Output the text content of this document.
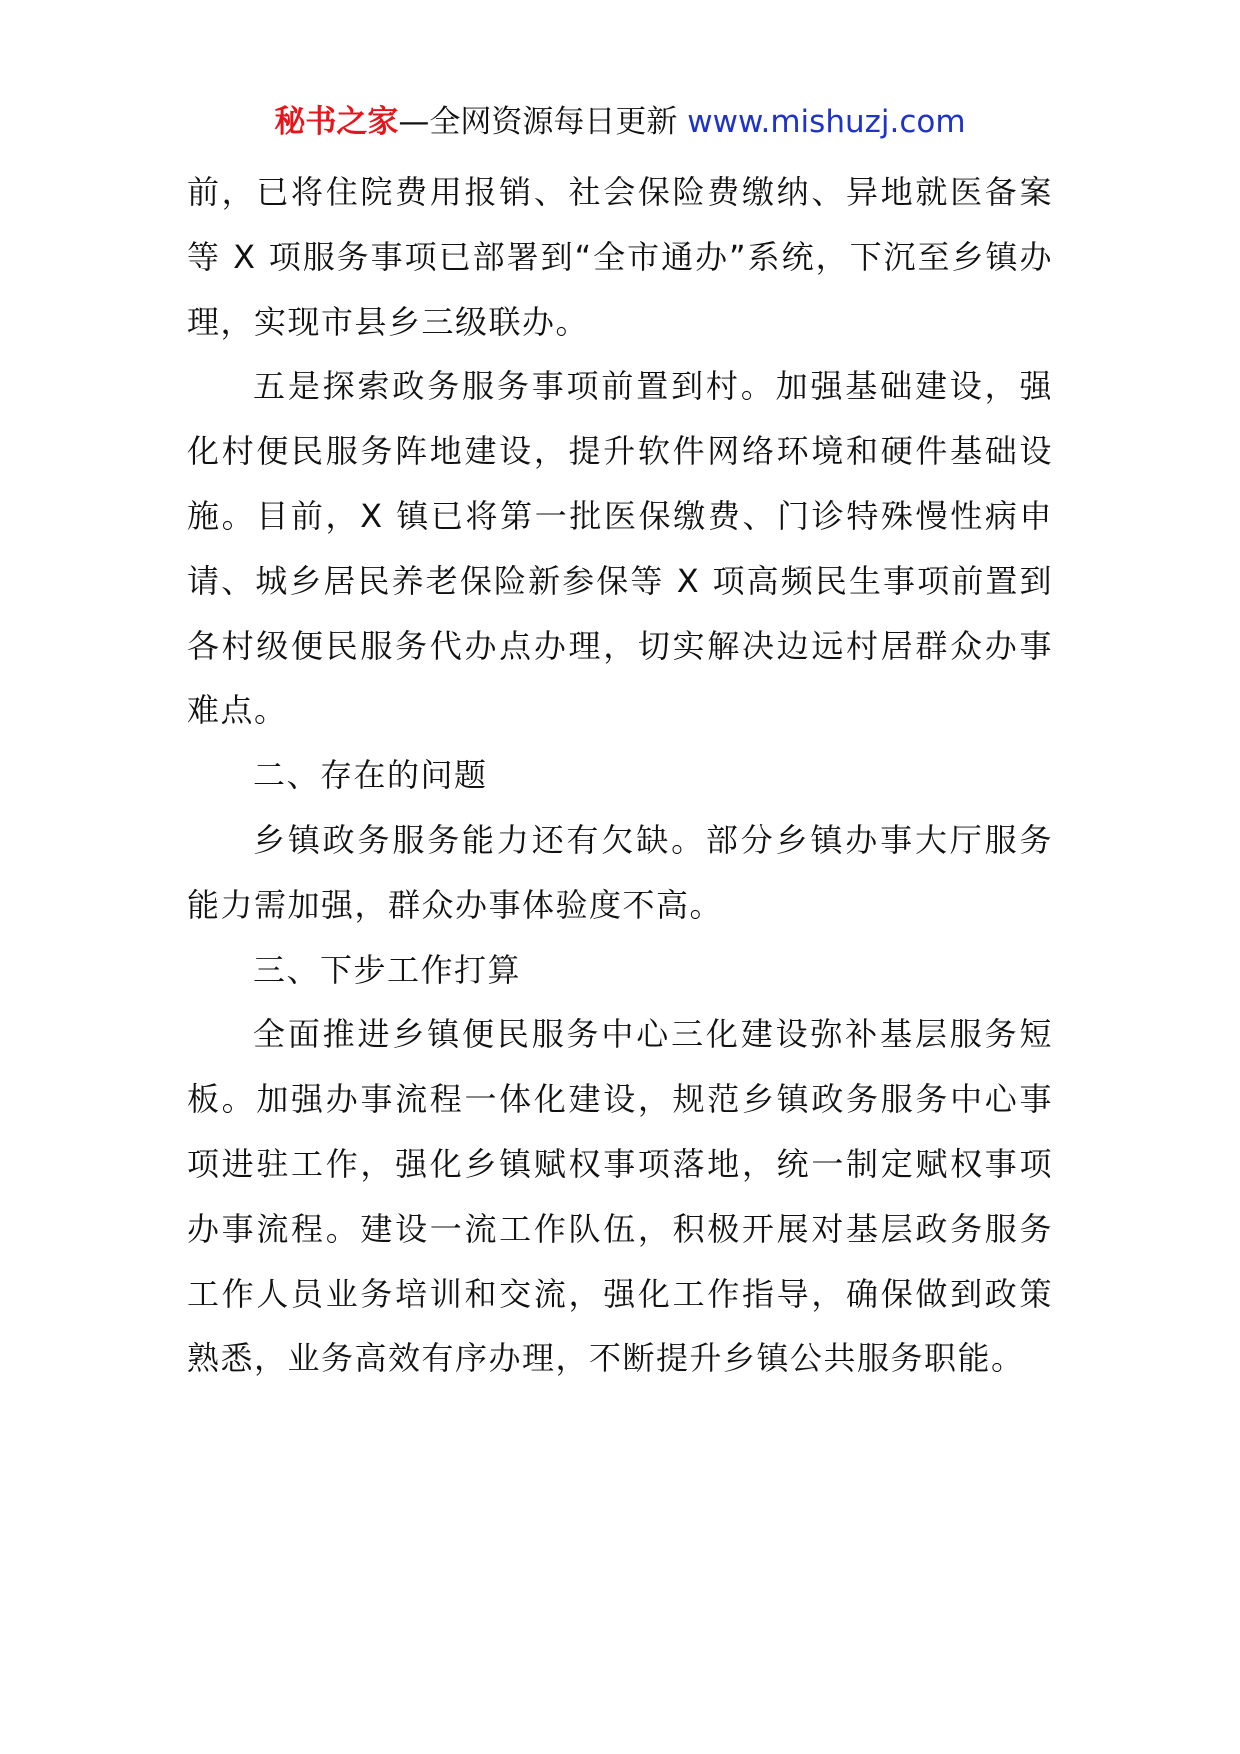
秘书之家—全网资源每日更新 www.mishuzj.com

前，已将住院费用报销、社会保险费缴纳、异地就医备案等 X 项服务事项已部署到“全市通办”系统，下沉至乡镇办理，实现市县乡三级联办。

五是探索政务服务事项前置到村。加强基础建设，强化村便民服务阵地建设，提升软件网络环境和硬件基础设施。目前，X 镇已将第一批医保缴费、门诊特殊慢性病申请、城乡居民养老保险新参保等 X 项高频民生事项前置到各村级便民服务代办点办理，切实解决边远村居群众办事难点。

二、存在的问题

乡镇政务服务能力还有欠缺。部分乡镇办事大厅服务能力需加强，群众办事体验度不高。

三、下步工作打算

全面推进乡镇便民服务中心三化建设弥补基层服务短板。加强办事流程一体化建设，规范乡镇政务服务中心事项进驻工作，强化乡镇赋权事项落地，统一制定赋权事项办事流程。建设一流工作队伍，积极开展对基层政务服务工作人员业务培训和交流，强化工作指导，确保做到政策熟悉，业务高效有序办理，不断提升乡镇公共服务职能。
